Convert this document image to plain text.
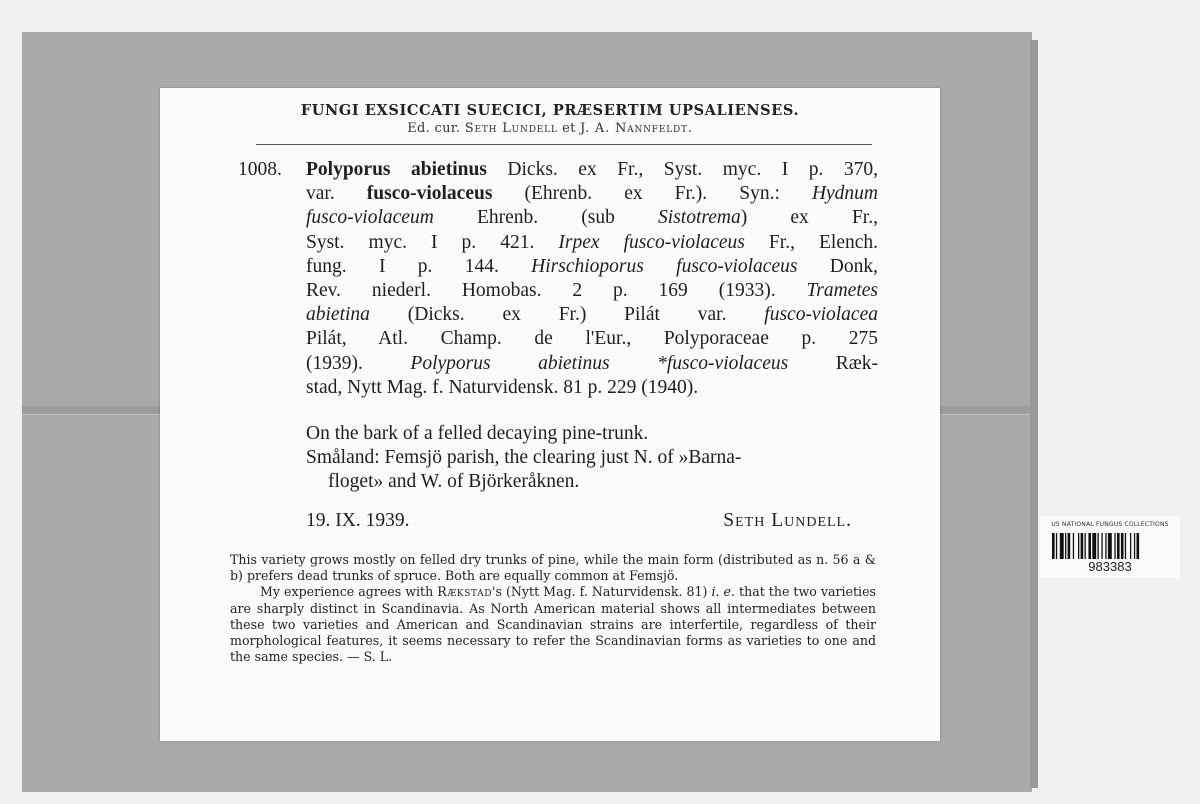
FUNGI EXSICCATI SUECICI, PRÆSERTIM UPSALIENSES.
Ed. cur. Seth Lundell et J. A. Nannfeldt.
1008. Polyporus abietinus Dicks. ex Fr., Syst. myc. I p. 370,
var. fusco-violaceus (Ehrenb. ex Fr.). Syn.: Hydnum
fusco-violaceum Ehrenb. (sub Sistotrema) ex Fr.,
Syst. myc. I p. 421. Irpex fusco-violaceus Fr., Elench.
fung. I p. 144. Hirschioporus fusco-violaceus Donk,
Rev. niederl. Homobas. 2 p. 169 (1933). Trametes
abietina (Dicks. ex Fr.) Pilát var. fusco-violacea
Pilát, Atl. Champ. de l'Eur., Polyporaceae p. 275
(1939). Polyporus abietinus *fusco-violaceus Ræk-
stad, Nytt Mag. f. Naturvidensk. 81 p. 229 (1940).
On the bark of a felled decaying pine-trunk.
Småland: Femsjö parish, the clearing just N. of »Barna-
floget» and W. of Björkeråknen.
19. IX. 1939.	Seth Lundell.

This variety grows mostly on felled dry trunks of pine, while the main form (distributed as n. 56 a & b) prefers dead trunks of spruce. Both are equally common at Femsjö.

My experience agrees with Rækstad's (Nytt Mag. f. Naturvidensk. 81) i. e. that the two varieties are sharply distinct in Scandinavia. As North American material shows all intermediates between these two varieties and American and Scandinavian strains are interfertile, regardless of their morphological features, it seems necessary to refer the Scandinavian forms as varieties to one and the same species. — S. L.

US NATIONAL FUNGUS COLLECTIONS
983383
